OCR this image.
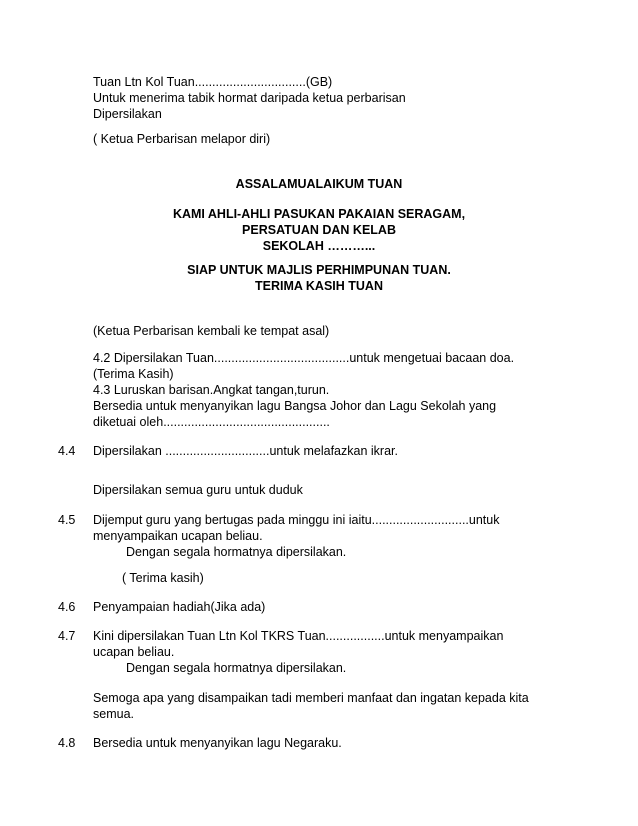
Tuan Ltn Kol Tuan................................(GB)
Untuk menerima tabik hormat daripada ketua perbarisan
Dipersilakan
( Ketua Perbarisan melapor diri)
ASSALAMUALAIKUM TUAN
KAMI AHLI-AHLI PASUKAN PAKAIAN SERAGAM,
PERSATUAN DAN KELAB
SEKOLAH ………...
SIAP UNTUK MAJLIS PERHIMPUNAN TUAN.
TERIMA KASIH TUAN
(Ketua Perbarisan kembali ke tempat asal)
4.2 Dipersilakan Tuan.......................................untuk mengetuai bacaan doa.
(Terima Kasih)
4.3 Luruskan barisan.Angkat tangan,turun.
Bersedia untuk menyanyikan lagu Bangsa Johor dan Lagu Sekolah yang
diketuai oleh................................................
4.4 Dipersilakan ..............................untuk melafazkan ikrar.
Dipersilakan semua guru untuk duduk
4.5 Dijemput guru yang bertugas pada minggu ini iaitu............................untuk
menyampaikan ucapan beliau.
Dengan segala hormatnya dipersilakan.
( Terima kasih)
4.6 Penyampaian hadiah(Jika ada)
4.7 Kini dipersilakan Tuan Ltn Kol TKRS Tuan.................untuk menyampaikan
ucapan beliau.
Dengan segala hormatnya dipersilakan.
Semoga apa yang disampaikan tadi memberi manfaat dan ingatan kepada kita
semua.
4.8 Bersedia untuk menyanyikan lagu Negaraku.
